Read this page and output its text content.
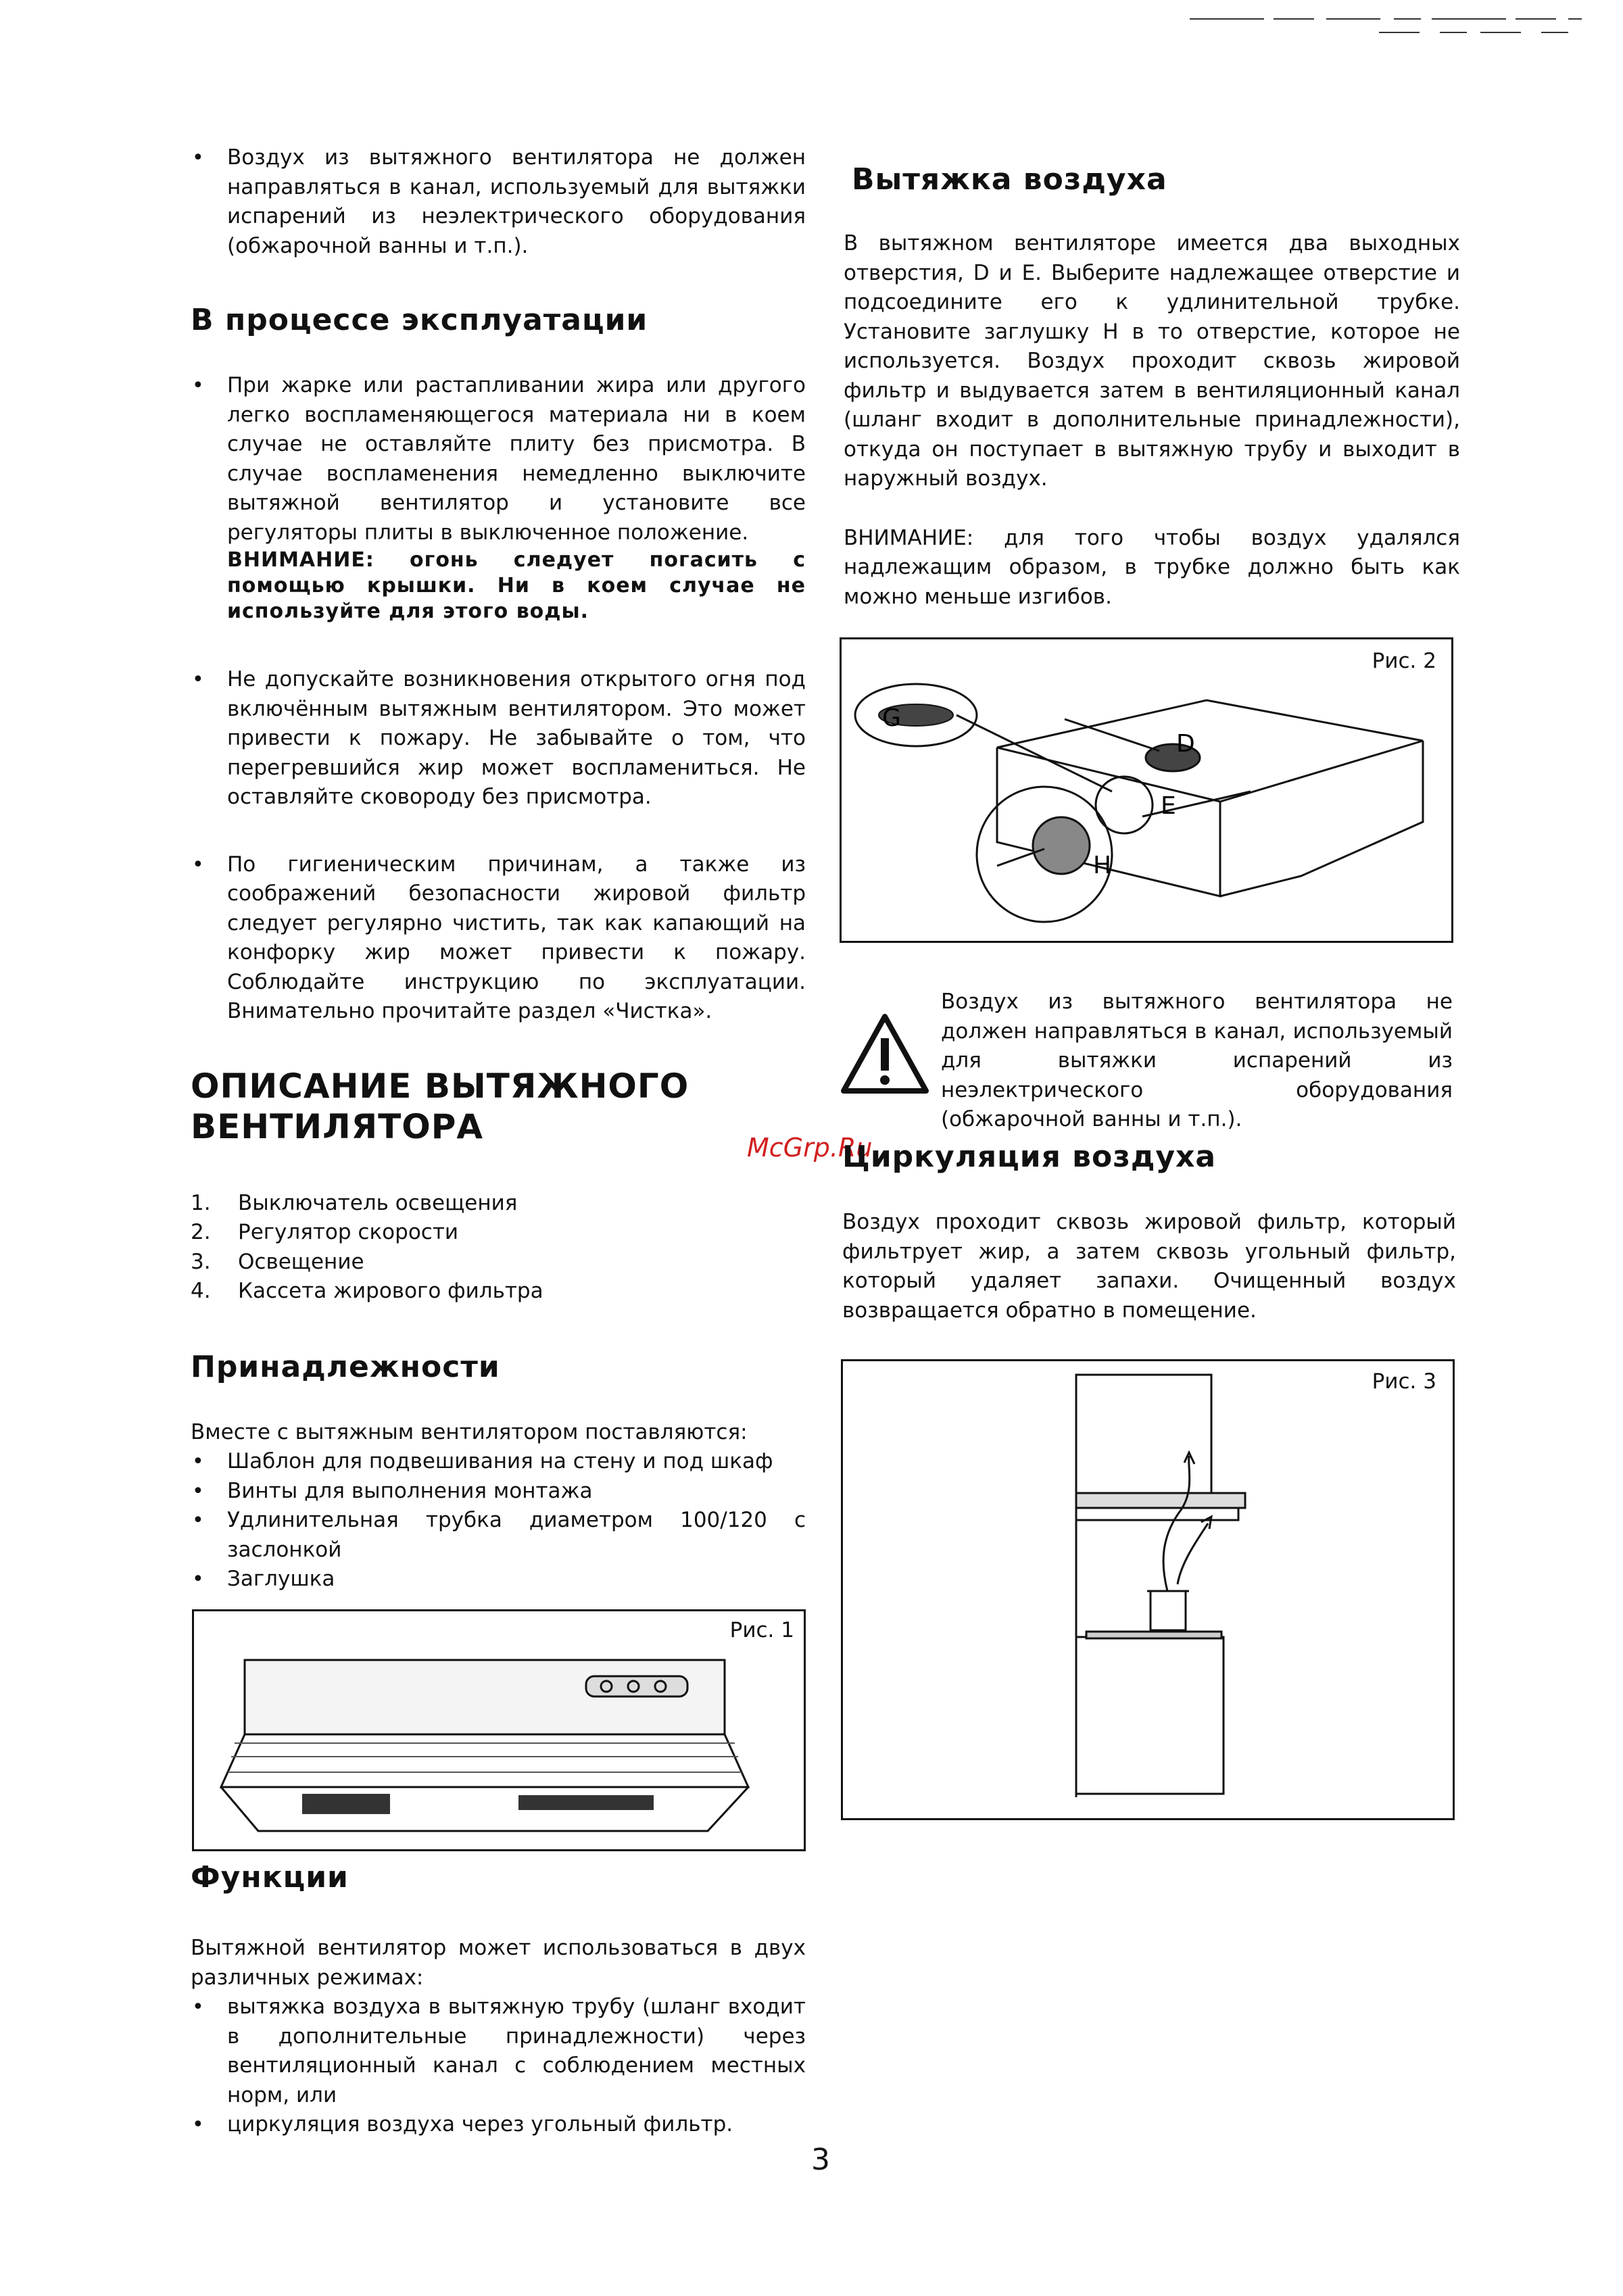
• Воздух из вытяжного вентилятора не должен направляться в канал, используемый для вытяжки испарений из неэлектрического оборудования (обжарочной ванны и т.п.).
В процессе эксплуатации
• При жарке или растапливании жира или другого легко воспламеняющегося материала ни в коем случае не оставляйте плиту без присмотра. В случае воспламенения немедленно выключите вытяжной вентилятор и установите все регуляторы плиты в выключенное положение.
ВНИМАНИЕ: огонь следует погасить с помощью крышки. Ни в коем случае не используйте для этого воды.
• Не допускайте возникновения открытого огня под включённым вытяжным вентилятором. Это может привести к пожару. Не забывайте о том, что перегревшийся жир может воспламениться. Не оставляйте сковороду без присмотра.
• По гигиеническим причинам, а также из соображений безопасности жировой фильтр следует регулярно чистить, так как капающий на конфорку жир может привести к пожару. Соблюдайте инструкцию по эксплуатации. Внимательно прочитайте раздел «Чистка».
ОПИСАНИЕ ВЫТЯЖНОГО
ВЕНТИЛЯТОРА
1. Выключатель освещения
2. Регулятор скорости
3. Освещение
4. Кассета жирового фильтра
Принадлежности

Вместе с вытяжным вентилятором поставляются:

• Шаблон для подвешивания на стену и под шкаф
• Винты для выполнения монтажа
• Удлинительная трубка диаметром 100/120 с заслонкой
• Заглушка
Рис. 1
Функции

Вытяжной вентилятор может использоваться в двух различных режимах:

• вытяжка воздуха в вытяжную трубу (шланг входит в дополнительные принадлежности) через вентиляционный канал с соблюдением местных норм, или
• циркуляция воздуха через угольный фильтр.
Вытяжка воздуха

В вытяжном вентиляторе имеется два выходных отверстия, D и E. Выберите надлежащее отверстие и подсоедините его к удлинительной трубке. Установите заглушку H в то отверстие, которое не используется. Воздух проходит сквозь жировой фильтр и выдувается затем в вентиляционный канал (шланг входит в дополнительные принадлежности), откуда он поступает в вытяжную трубу и выходит в наружный воздух.

ВНИМАНИЕ: для того чтобы воздух удалялся надлежащим образом, в трубке должно быть как можно меньше изгибов.

Рис. 2
G
D
E
H

Воздух из вытяжного вентилятора не должен направляться в канал, используемый для вытяжки испарений из неэлектрического оборудования (обжарочной ванны и т.п.).

McGrp.Ru
Циркуляция воздуха

Воздух проходит сквозь жировой фильтр, который фильтрует жир, а затем сквозь угольный фильтр, который удаляет запахи. Очищенный воздух возвращается обратно в помещение.

Рис. 3
3
